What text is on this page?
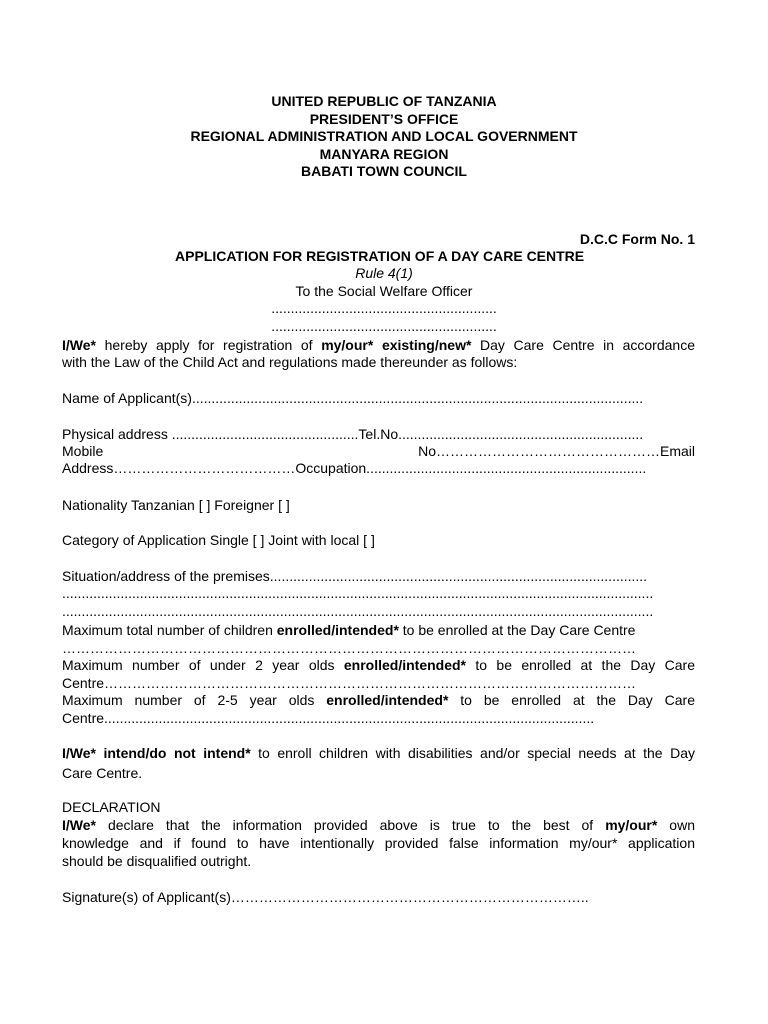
UNITED REPUBLIC OF TANZANIA
PRESIDENT’S OFFICE
REGIONAL ADMINISTRATION AND LOCAL GOVERNMENT
MANYARA REGION
BABATI TOWN COUNCIL
D.C.C Form No. 1
APPLICATION FOR REGISTRATION OF A DAY CARE CENTRE
Rule 4(1)
To the Social Welfare Officer
..........................................................
..........................................................
I/We* hereby apply for registration of my/our* existing/new* Day Care Centre in accordance
with the Law of the Child Act and regulations made thereunder as follows:
Name of Applicant(s)....................................................................................................................
Physical address ................................................Tel.No...............................................................
Mobile	No…………………………………………Email
Address…………………………………Occupation........................................................................
Nationality Tanzanian [ ] Foreigner [ ]
Category of Application Single [ ] Joint with local [ ]
Situation/address of the premises.................................................................................................
........................................................................................................................................................
........................................................................................................................................................
Maximum total number of children enrolled/intended* to be enrolled at the Day Care Centre
……………………………………………………………………………………………………………
Maximum number of under 2 year olds enrolled/intended* to be enrolled at the Day Care
Centre……………………………………………………………………………………………………
Maximum number of 2-5 year olds enrolled/intended* to be enrolled at the Day Care
Centre..............................................................................................................................
I/We* intend/do not intend* to enroll children with disabilities and/or special needs at the Day
Care Centre.
DECLARATION
I/We* declare that the information provided above is true to the best of my/our* own
knowledge and if found to have intentionally provided false information my/our* application
should be disqualified outright.
Signature(s) of Applicant(s)…………………………………………………………………..
